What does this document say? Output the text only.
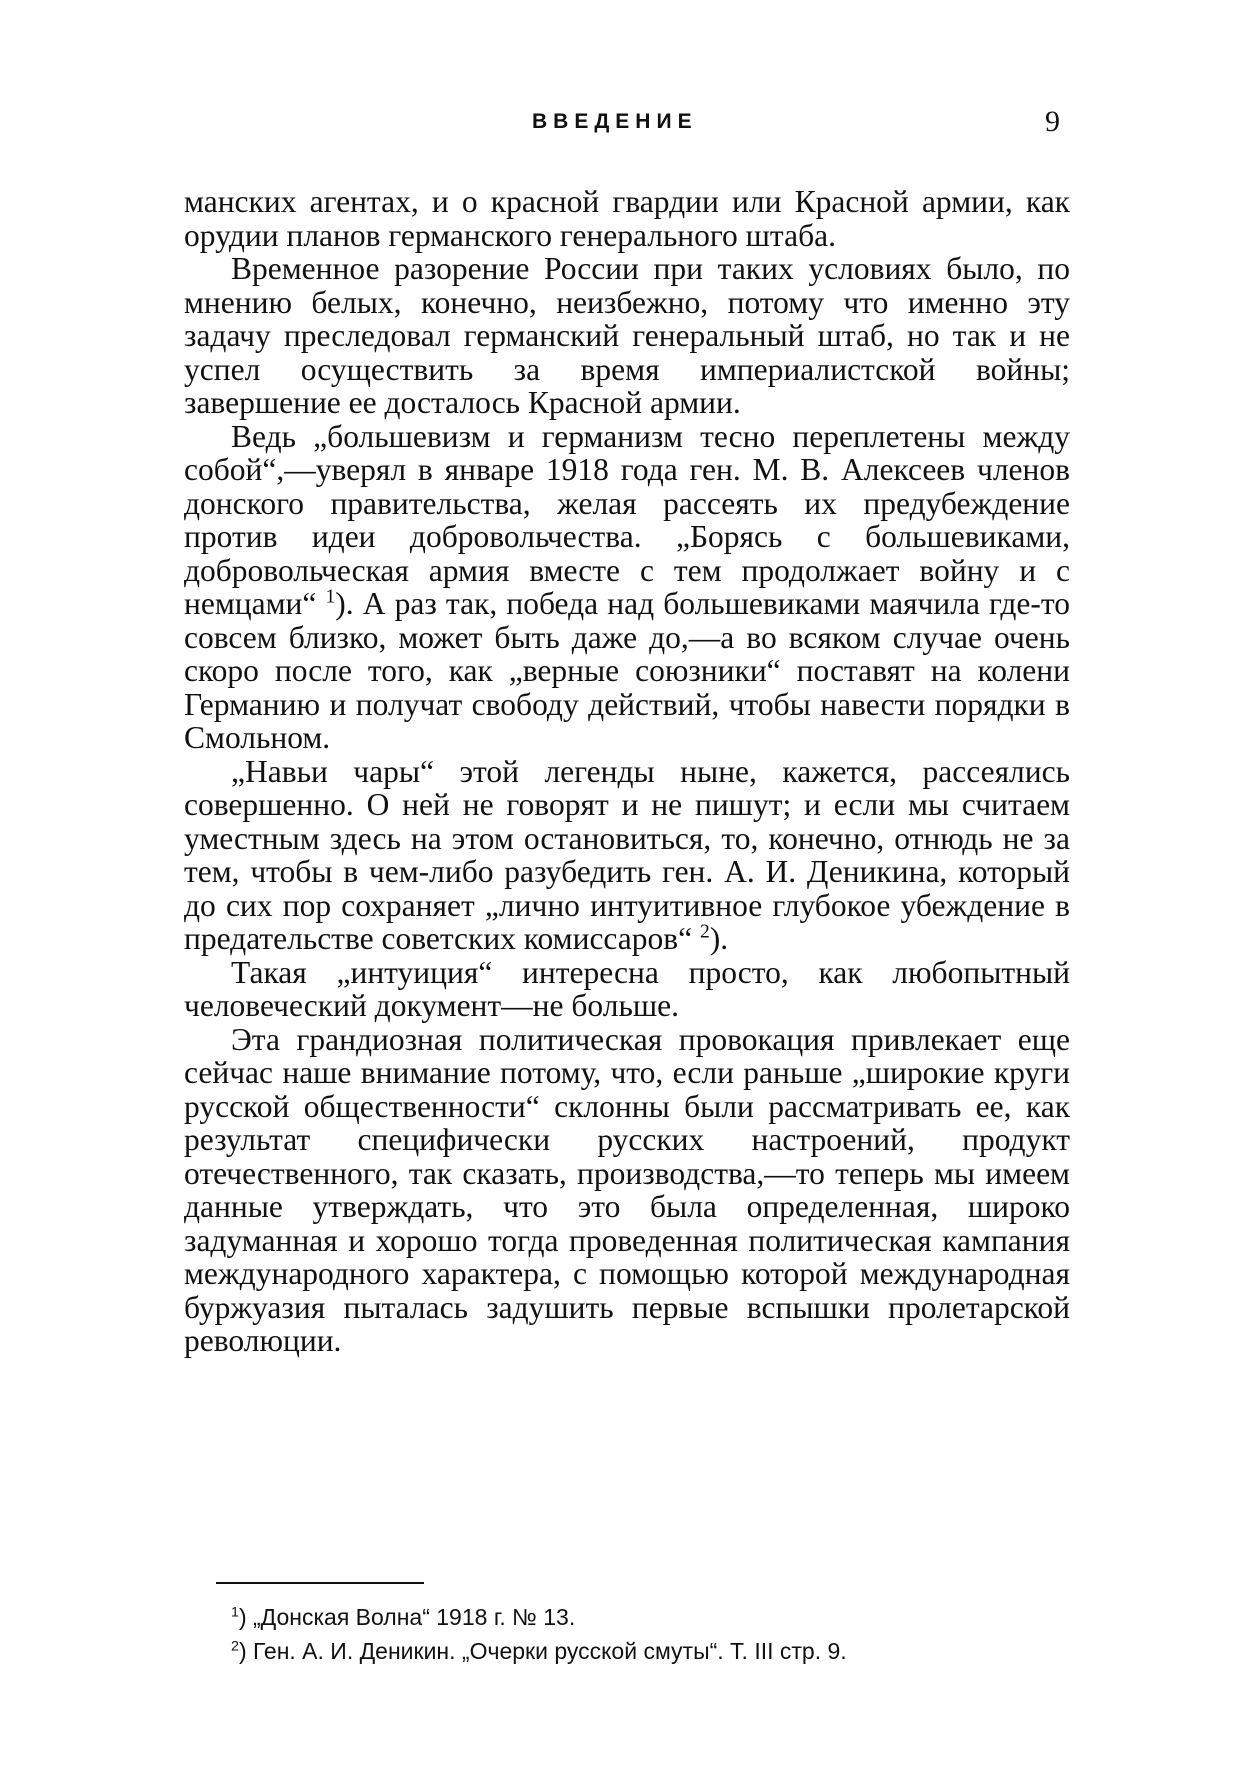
ВВЕДЕНИЕ	9

манских агентах, и о красной гвардии или Красной армии, как орудии планов германского генерального штаба.

Временное разорение России при таких условиях было, по мнению белых, конечно, неизбежно, потому что именно эту задачу преследовал германский генеральный штаб, но так и не успел осуществить за время империалистской войны; завершение ее досталось Красной армии.

Ведь „большевизм и германизм тесно переплетены между собой“,—уверял в январе 1918 года ген. М. В. Алексеев членов донского правительства, желая рассеять их предубеждение против идеи добровольчества. „Борясь с большевиками, добровольческая армия вместе с тем продолжает войну и с немцами“ $^1$). А раз так, победа над большевиками маячила где-то совсем близко, может быть даже до,—а во всяком случае очень скоро после того, как „верные союзники“ поставят на колени Германию и получат свободу действий, чтобы навести порядки в Смольном.

„Навьи чары“ этой легенды ныне, кажется, рассеялись совершенно. О ней не говорят и не пишут; и если мы считаем уместным здесь на этом остановиться, то, конечно, отнюдь не за тем, чтобы в чем-либо разубедить ген. А. И. Деникина, который до сих пор сохраняет „лично интуитивное глубокое убеждение в предательстве советских комиссаров“ $^2$).

Такая „интуиция“ интересна просто, как любопытный человеческий документ—не больше.

Эта грандиозная политическая провокация привлекает еще сейчас наше внимание потому, что, если раньше „широкие круги русской общественности“ склонны были рассматривать ее, как результат специфически русских настроений, продукт отечественного, так сказать, производства,—то теперь мы имеем данные утверждать, что это была определенная, широко задуманная и хорошо тогда проведенная политическая кампания международного характера, с помощью которой международная буржуазия пыталась задушить первые вспышки пролетарской революции.

$^1$) „Донская Волна“ 1918 г. № 13.
$^2$) Ген. А. И. Деникин. „Очерки русской смуты“. Т. III стр. 9.
